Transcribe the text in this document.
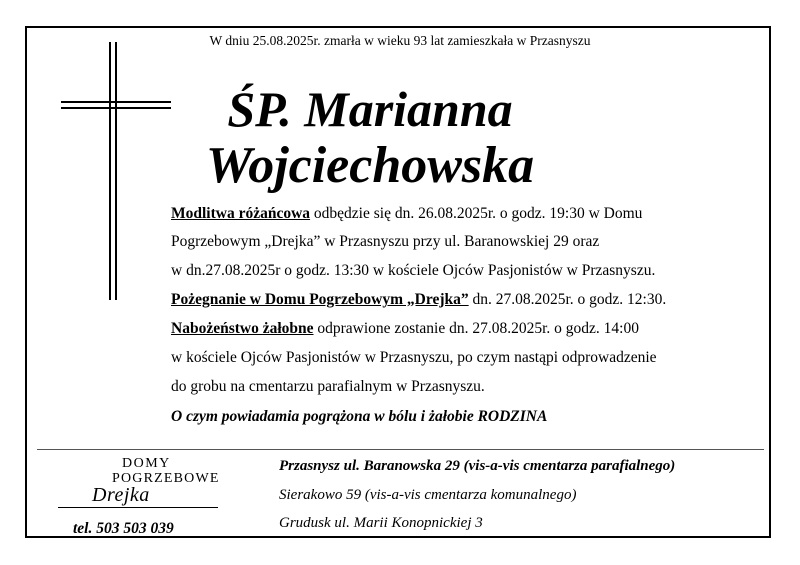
W dniu 25.08.2025r. zmarła w wieku 93 lat zamieszkała w Przasnyszu
ŚP. Marianna
Wojciechowska
Modlitwa różańcowa odbędzie się dn. 26.08.2025r. o godz. 19:30 w Domu
Pogrzebowym „Drejka” w Przasnyszu przy ul. Baranowskiej 29 oraz
w dn.27.08.2025r o godz. 13:30 w kościele Ojców Pasjonistów w Przasnyszu.
Pożegnanie w Domu Pogrzebowym „Drejka” dn. 27.08.2025r. o godz. 12:30.
Nabożeństwo żałobne odprawione zostanie dn. 27.08.2025r. o godz. 14:00
w kościele Ojców Pasjonistów w Przasnyszu, po czym nastąpi odprowadzenie
do grobu na cmentarzu parafialnym w Przasnyszu.
O czym powiadamia pogrążona w bólu i żałobie RODZINA
DOMY
POGRZEBOWE
Drejka
tel. 503 503 039
Przasnysz ul. Baranowska 29 (vis-a-vis cmentarza parafialnego)
Sierakowo 59 (vis-a-vis cmentarza komunalnego)
Grudusk ul. Marii Konopnickiej 3
